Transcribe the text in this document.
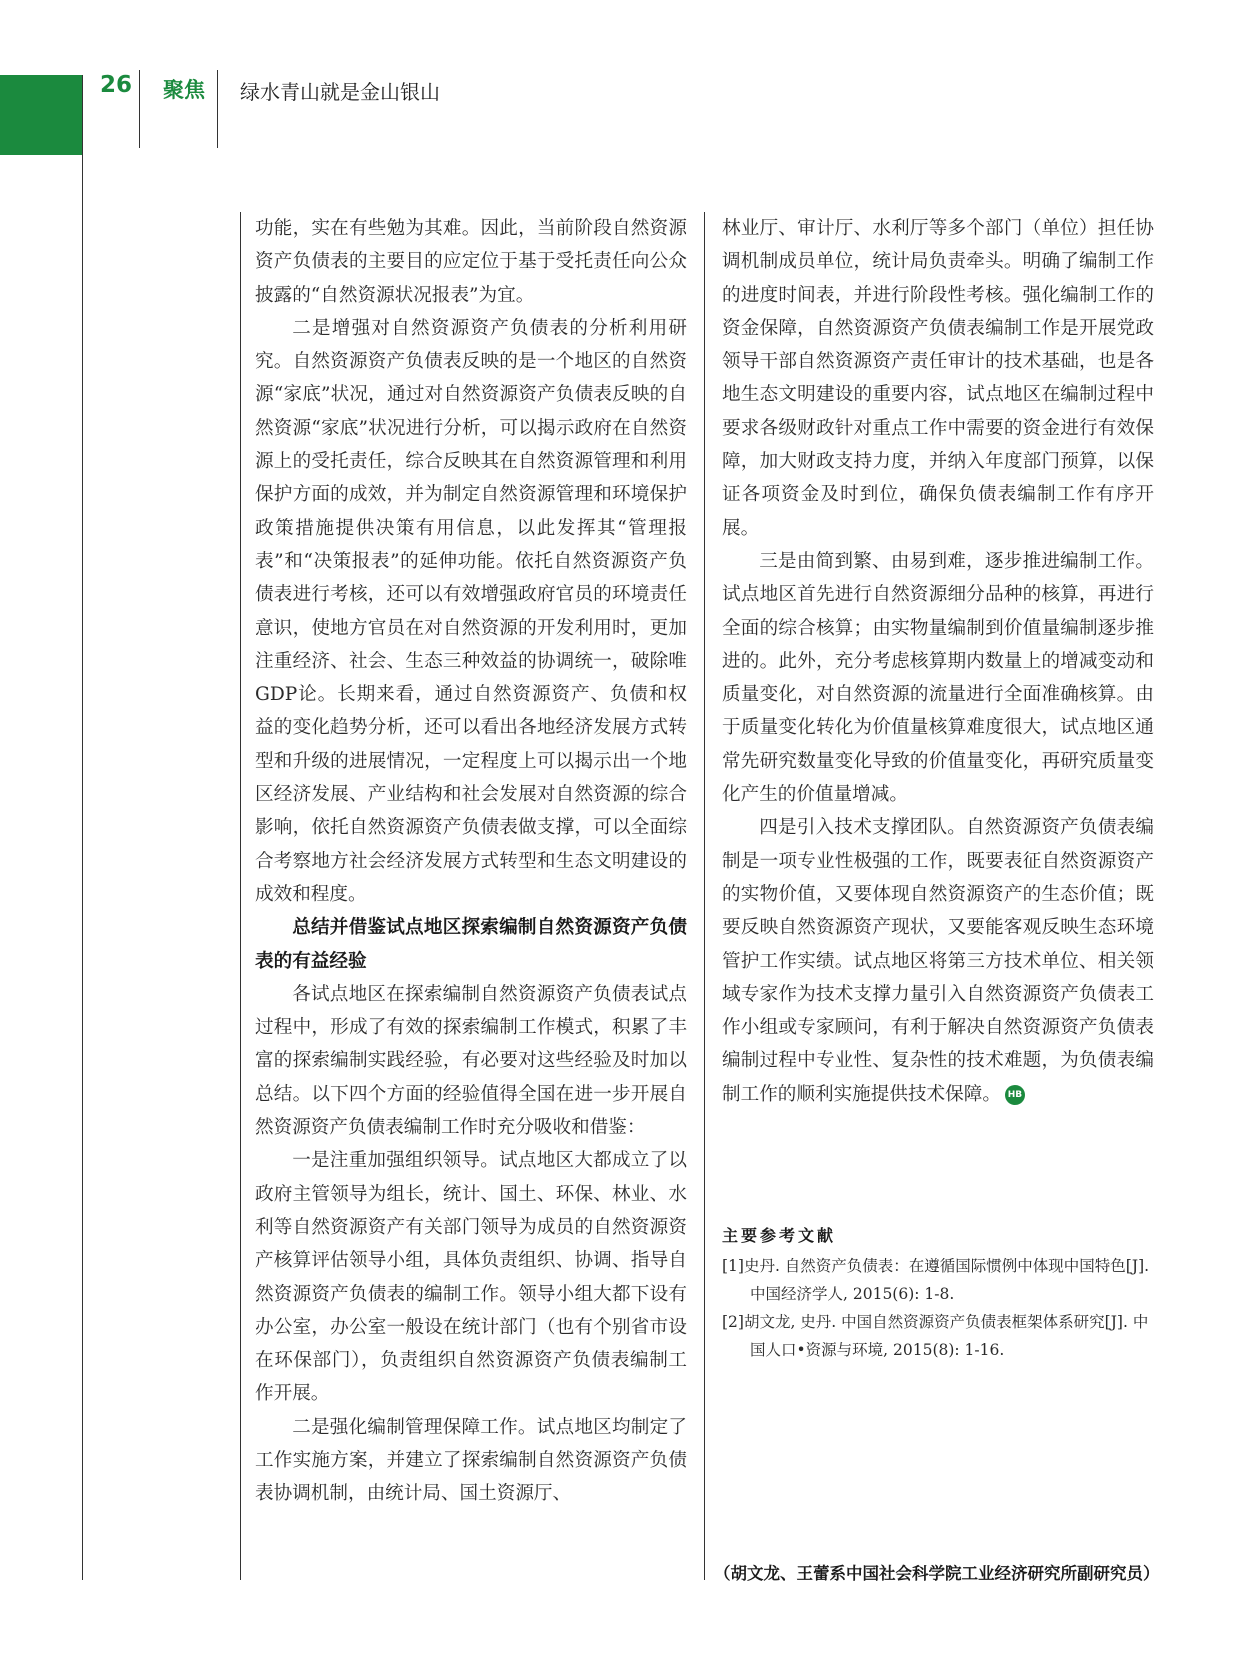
26 聚焦 绿水青山就是金山银山

功能，实在有些勉为其难。因此，当前阶段自然资源资产负债表的主要目的应定位于基于受托责任向公众披露的“自然资源状况报表”为宜。

二是增强对自然资源资产负债表的分析利用研究。自然资源资产负债表反映的是一个地区的自然资源“家底”状况，通过对自然资源资产负债表反映的自然资源“家底”状况进行分析，可以揭示政府在自然资源上的受托责任，综合反映其在自然资源管理和利用保护方面的成效，并为制定自然资源管理和环境保护政策措施提供决策有用信息，以此发挥其“管理报表”和“决策报表”的延伸功能。依托自然资源资产负债表进行考核，还可以有效增强政府官员的环境责任意识，使地方官员在对自然资源的开发利用时，更加注重经济、社会、生态三种效益的协调统一，破除唯GDP论。长期来看，通过自然资源资产、负债和权益的变化趋势分析，还可以看出各地经济发展方式转型和升级的进展情况，一定程度上可以揭示出一个地区经济发展、产业结构和社会发展对自然资源的综合影响，依托自然资源资产负债表做支撑，可以全面综合考察地方社会经济发展方式转型和生态文明建设的成效和程度。

总结并借鉴试点地区探索编制自然资源资产负债表的有益经验

各试点地区在探索编制自然资源资产负债表试点过程中，形成了有效的探索编制工作模式，积累了丰富的探索编制实践经验，有必要对这些经验及时加以总结。以下四个方面的经验值得全国在进一步开展自然资源资产负债表编制工作时充分吸收和借鉴：

一是注重加强组织领导。试点地区大都成立了以政府主管领导为组长，统计、国土、环保、林业、水利等自然资源资产有关部门领导为成员的自然资源资产核算评估领导小组，具体负责组织、协调、指导自然资源资产负债表的编制工作。领导小组大都下设有办公室，办公室一般设在统计部门（也有个别省市设在环保部门），负责组织自然资源资产负债表编制工作开展。

二是强化编制管理保障工作。试点地区均制定了工作实施方案，并建立了探索编制自然资源资产负债表协调机制，由统计局、国土资源厅、

林业厅、审计厅、水利厅等多个部门（单位）担任协调机制成员单位，统计局负责牵头。明确了编制工作的进度时间表，并进行阶段性考核。强化编制工作的资金保障，自然资源资产负债表编制工作是开展党政领导干部自然资源资产责任审计的技术基础，也是各地生态文明建设的重要内容，试点地区在编制过程中要求各级财政针对重点工作中需要的资金进行有效保障，加大财政支持力度，并纳入年度部门预算，以保证各项资金及时到位，确保负债表编制工作有序开展。

三是由简到繁、由易到难，逐步推进编制工作。试点地区首先进行自然资源细分品种的核算，再进行全面的综合核算；由实物量编制到价值量编制逐步推进的。此外，充分考虑核算期内数量上的增减变动和质量变化，对自然资源的流量进行全面准确核算。由于质量变化转化为价值量核算难度很大，试点地区通常先研究数量变化导致的价值量变化，再研究质量变化产生的价值量增减。

四是引入技术支撑团队。自然资源资产负债表编制是一项专业性极强的工作，既要表征自然资源资产的实物价值，又要体现自然资源资产的生态价值；既要反映自然资源资产现状，又要能客观反映生态环境管护工作实绩。试点地区将第三方技术单位、相关领域专家作为技术支撑力量引入自然资源资产负债表工作小组或专家顾问，有利于解决自然资源资产负债表编制过程中专业性、复杂性的技术难题，为负债表编制工作的顺利实施提供技术保障。 HB

主要参考文献
[1]史丹. 自然资产负债表：在遵循国际惯例中体现中国特色[J]. 中国经济学人, 2015(6): 1-8.
[2]胡文龙, 史丹. 中国自然资源资产负债表框架体系研究[J]. 中国人口•资源与环境, 2015(8): 1-16.
（胡文龙、王蕾系中国社会科学院工业经济研究所副研究员）
